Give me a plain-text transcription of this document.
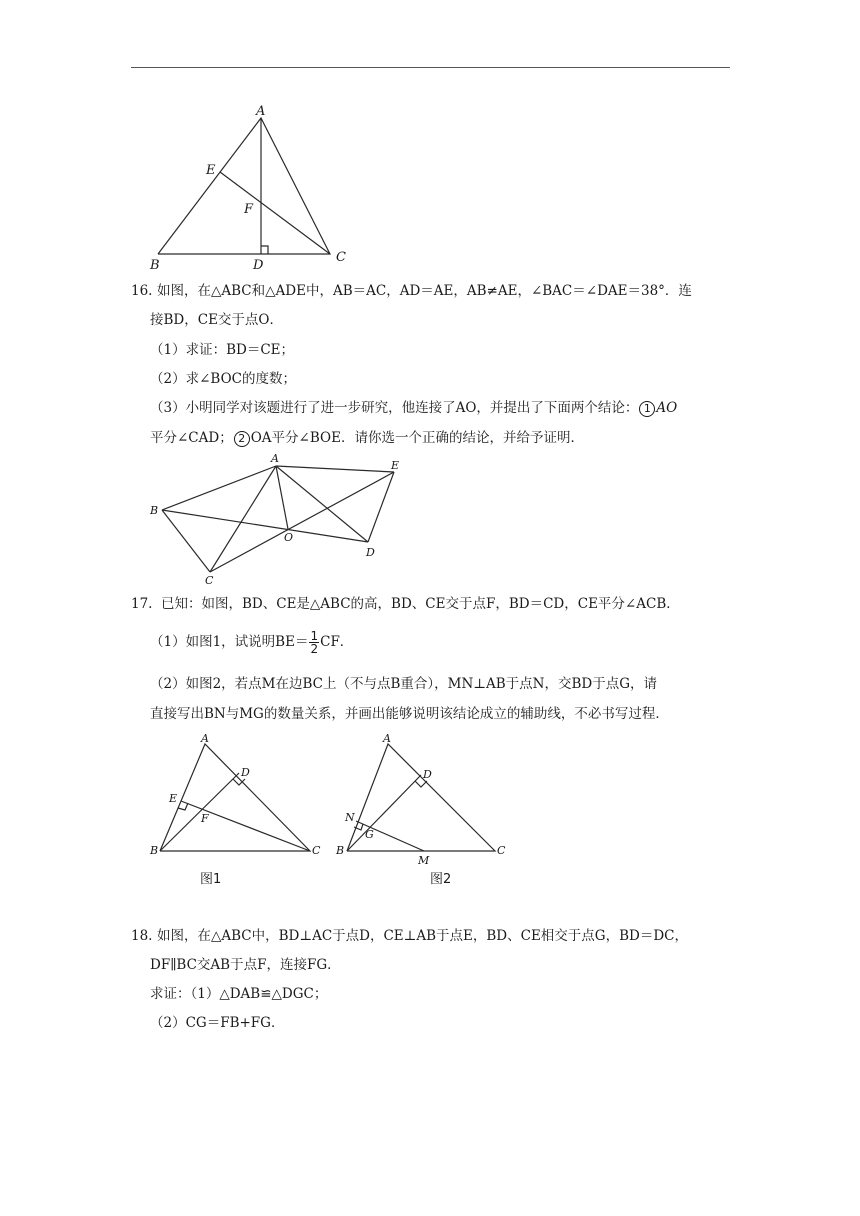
A
E
F
B	D
C
16. 如图，在△ABC和△ADE中，AB＝AC，AD＝AE，AB≠AE，∠BAC＝∠DAE＝38°．连
接BD，CE交于点O．
（1）求证：BD＝CE；
（2）求∠BOC的度数；
（3）小明同学对该题进行了进一步研究，他连接了AO，并提出了下面两个结论： 1 AO
平分∠CAD； 2 OA平分∠BOE．请你选一个正确的结论，并给予证明．
A
E
B
O
D
C
17. 已知：如图，BD、CE是△ABC的高，BD、CE交于点F，BD＝CD，CE平分∠ACB．
（1）如图1，试说明$BE= \frac{1}{2}$ CF．
（2）如图2，若点M在边BC上（不与点B重合），MN⊥AB于点N，交BD于点G，请
直接写出BN与MG的数量关系，并画出能够说明该结论成立的辅助线，不必书写过程．
A
D
E
F
B	C
图1
A
D
N
G
B
M
C
图2
18. 如图，在△ABC中，BD⊥AC于点D，CE⊥AB于点E，BD、CE相交于点G，BD＝DC，
DF∥BC交AB于点F，连接FG．
求证：（1）△DAB≌△DGC；
（2）CG＝FB+FG．
